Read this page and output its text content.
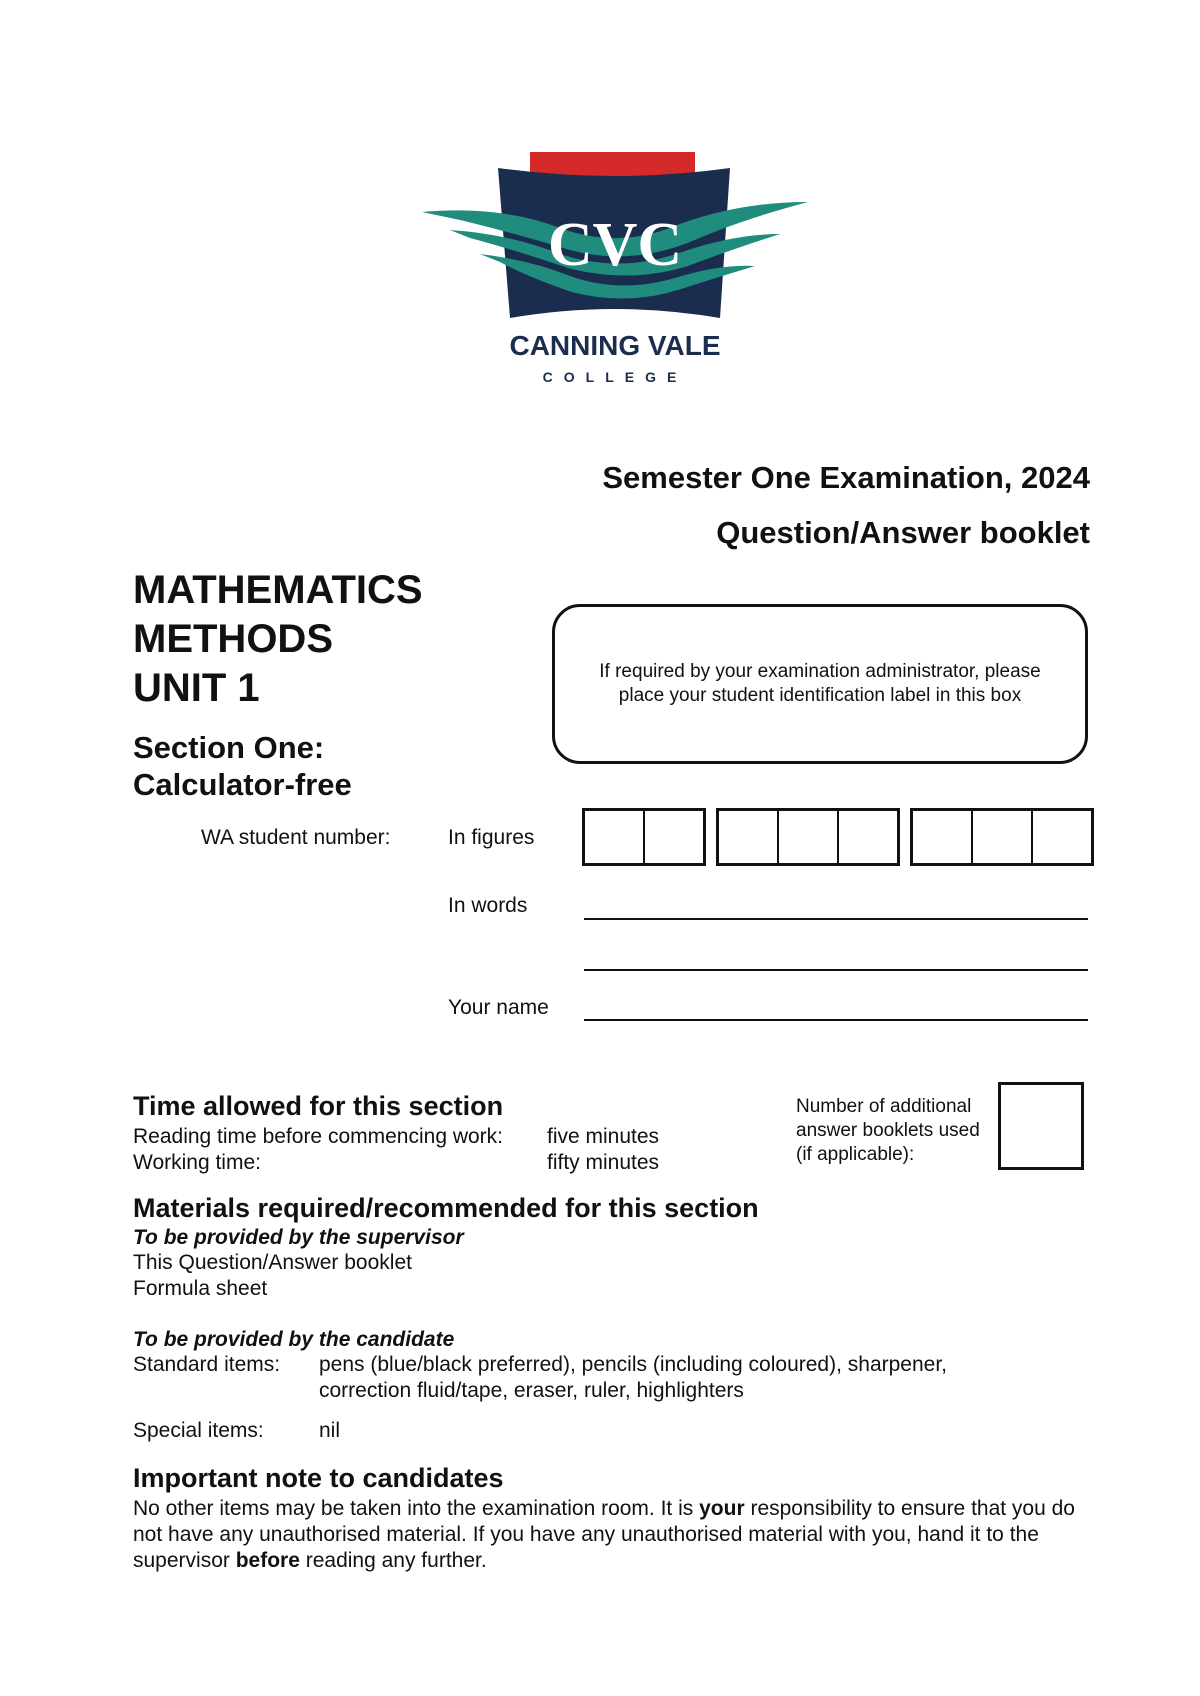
CVC
CANNING VALE
COLLEGE
Semester One Examination, 2024
Question/Answer booklet
MATHEMATICS
METHODS
UNIT 1
Section One:
Calculator-free
If required by your examination administrator, please
place your student identification label in this box
WA student number:	In figures
In words
Your name
Time allowed for this section
Reading time before commencing work: five minutes
Working time:	fifty minutes
Number of additional
answer booklets used
(if applicable):
Materials required/recommended for this section
To be provided by the supervisor
This Question/Answer booklet
Formula sheet
To be provided by the candidate
Standard items: pens (blue/black preferred), pencils (including coloured), sharpener,
correction fluid/tape, eraser, ruler, highlighters
Special items:	nil
Important note to candidates
No other items may be taken into the examination room. It is your responsibility to ensure that you do not have any unauthorised material. If you have any unauthorised material with you, hand it to the supervisor before reading any further.
